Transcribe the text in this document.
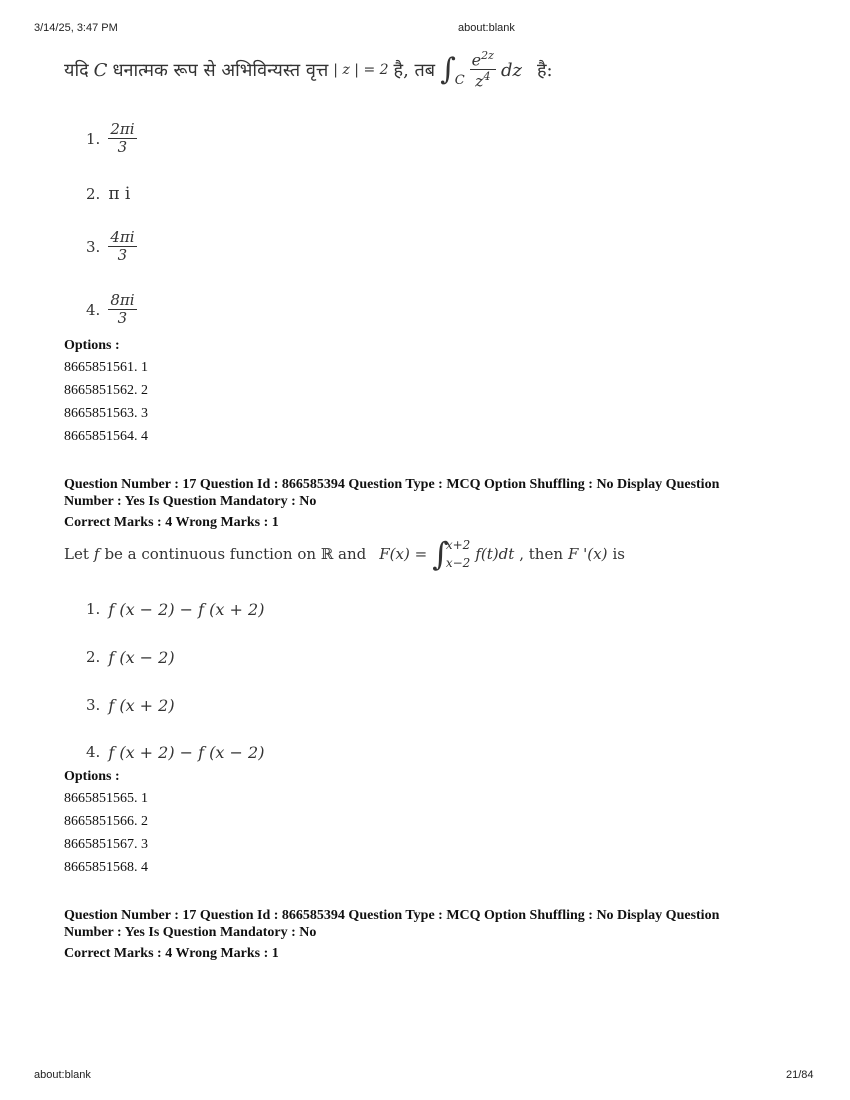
3/14/25, 3:47 PM	about:blank
यदि C धनात्मक रूप से अभिविन्यस्त वृत्त | z | = 2 है, तब ∫ C $\frac{e^{2z}}{z^4}$ dz है:
1. $\frac{2\pi i}{3}$
2. π i
3. $\frac{4\pi i}{3}$
4. $\frac{8\pi i}{3}$
Options :
8665851561. 1
8665851562. 2
8665851563. 3
8665851564. 4
Question Number : 17 Question Id : 866585394 Question Type : MCQ Option Shuffling : No Display Question
Number : Yes Is Question Mandatory : No
Correct Marks : 4 Wrong Marks : 1
Let f be a continuous function on ℝ and F(x) = ∫
x+2
x−2 f(t)dt , then F '(x) is
1. f (x − 2) − f (x + 2)
2. f (x − 2)
3. f (x + 2)
4. f (x + 2) − f (x − 2)
Options :
8665851565. 1
8665851566. 2
8665851567. 3
8665851568. 4
Question Number : 17 Question Id : 866585394 Question Type : MCQ Option Shuffling : No Display Question
Number : Yes Is Question Mandatory : No
Correct Marks : 4 Wrong Marks : 1
about:blank	21/84
